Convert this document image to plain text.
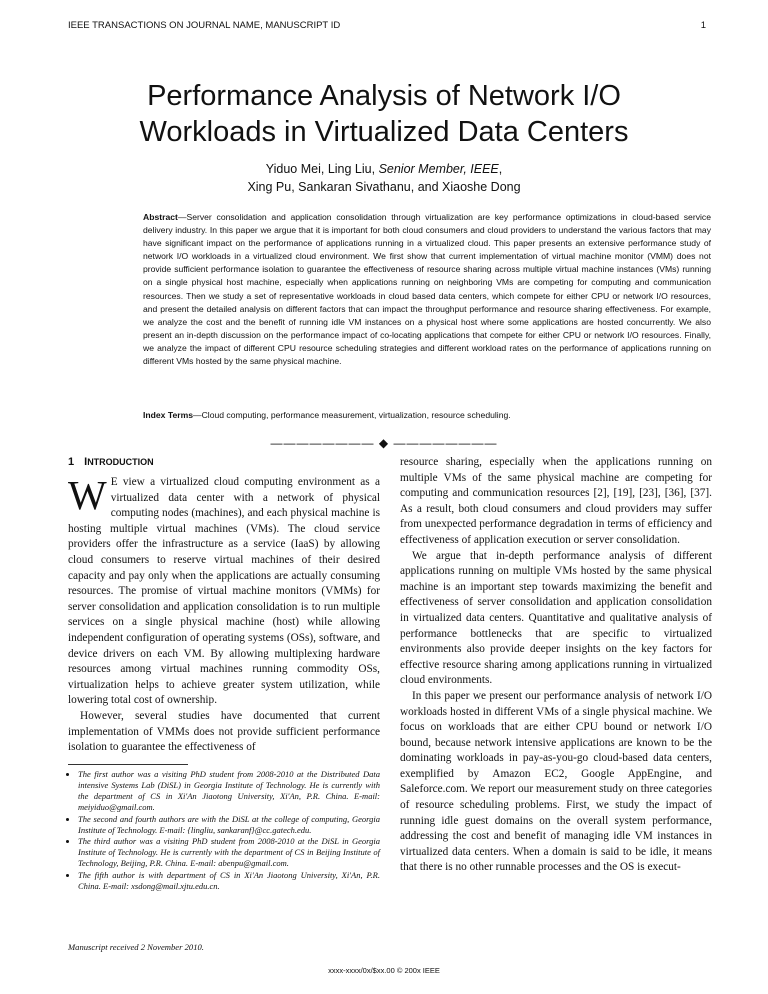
IEEE TRANSACTIONS ON JOURNAL NAME, MANUSCRIPT ID	1
Performance Analysis of Network I/O
Workloads in Virtualized Data Centers
Yiduo Mei, Ling Liu, Senior Member, IEEE,
Xing Pu, Sankaran Sivathanu, and Xiaoshe Dong
Abstract—Server consolidation and application consolidation through virtualization are key performance optimizations in cloud-based service delivery industry. In this paper we argue that it is important for both cloud consumers and cloud providers to understand the various factors that may have significant impact on the performance of applications running in a virtualized cloud. This paper presents an extensive performance study of network I/O workloads in a virtualized cloud environment. We first show that current implementation of virtual machine monitor (VMM) does not provide sufficient performance isolation to guarantee the effectiveness of resource sharing across multiple virtual machine instances (VMs) running on a single physical host machine, especially when applications running on neighboring VMs are competing for computing and communication resources. Then we study a set of representative workloads in cloud based data centers, which compete for either CPU or network I/O resources, and present the detailed analysis on different factors that can impact the throughput performance and resource sharing effectiveness. For example, we analyze the cost and the benefit of running idle VM instances on a physical host where some applications are hosted concurrently. We also present an in-depth discussion on the performance impact of co-locating applications that compete for either CPU or network I/O resources. Finally, we analyze the impact of different CPU resource scheduling strategies and different workload rates on the performance of applications running on different VMs hosted by the same physical machine.
Index Terms—Cloud computing, performance measurement, virtualization, resource scheduling.
———————— ◆ ————————
1 INTRODUCTION

W E view a virtualized cloud computing environment as a virtualized data center with a network of physical computing nodes (machines), and each physical machine is hosting multiple virtual machines (VMs). The cloud service providers offer the infrastructure as a service (IaaS) by allowing cloud consumers to reserve virtual machines of their desired capacity and pay only when the applications are actually consuming resources. The promise of virtual machine monitors (VMMs) for server consolidation and application consolidation is to run multiple services on a single physical machine (host) while allowing independent configuration of operating systems (OSs), software, and device drivers on each VM. By allowing multiplexing hardware resources among virtual machines running commodity OSs, virtualization helps to achieve greater system utilization, while lowering total cost of ownership.

However, several studies have documented that current implementation of VMMs does not provide sufficient performance isolation to guarantee the effectiveness of

• The first author was a visiting PhD student from 2008-2010 at the Distributed Data intensive Systems Lab (DiSL) in Georgia Institute of Technology. He is currently with the department of CS in Xi'An Jiaotong University, Xi'An, P.R. China. E-mail: meiyiduo@gmail.com.
• The second and fourth authors are with the DiSL at the college of computing, Georgia Institute of Technology. E-mail: {lingliu, sankaranf}@cc.gatech.edu.
• The third author was a visiting PhD student from 2008-2010 at the DiSL in Georgia Institute of Technology. He is currently with the department of CS in Beijing Institute of Technology, Beijing, P.R. China. E-mail: abenpu@gmail.com.
• The fifth author is with department of CS in Xi'An Jiaotong University, Xi'An, P.R. China. E-mail: xsdong@mail.xjtu.edu.cn.
Manuscript received 2 November 2010.

resource sharing, especially when the applications running on multiple VMs of the same physical machine are competing for computing and communication resources [2], [19], [23], [36], [37]. As a result, both cloud consumers and cloud providers may suffer from unexpected performance degradation in terms of efficiency and effectiveness of application execution or server consolidation.

We argue that in-depth performance analysis of different applications running on multiple VMs hosted by the same physical machine is an important step towards maximizing the benefit and effectiveness of server consolidation and application consolidation in virtualized data centers. Quantitative and qualitative analysis of performance bottlenecks that are specific to virtualized environments also provide deeper insights on the key factors for effective resource sharing among applications running in virtualized cloud environments.

In this paper we present our performance analysis of network I/O workloads hosted in different VMs of a single physical machine. We focus on workloads that are either CPU bound or network I/O bound, because network intensive applications are known to be the dominating workloads in pay-as-you-go cloud-based data centers, exemplified by Amazon EC2, Google AppEngine, and Saleforce.com. We report our measurement study on three categories of resource scheduling problems. First, we study the impact of running idle guest domains on the overall system performance, addressing the cost and benefit of managing idle VM instances in virtualized data centers. When a domain is said to be idle, it means that there is no other runnable processes and the OS is execut-

xxxx-xxxx/0x/$xx.00 © 200x IEEE
